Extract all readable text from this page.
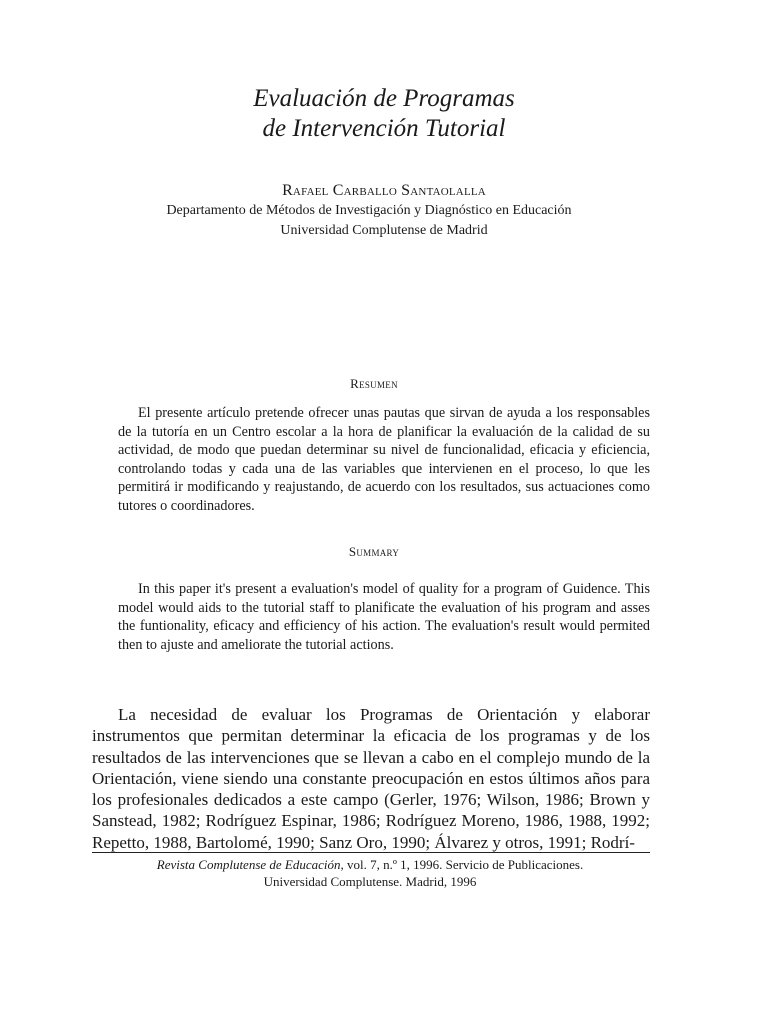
Evaluación de Programas
de Intervención Tutorial
Rafael Carballo Santaolalla
Departamento de Métodos de Investigación y Diagnóstico en Educación
Universidad Complutense de Madrid
Resumen

El presente artículo pretende ofrecer unas pautas que sirvan de ayuda a los responsables de la tutoría en un Centro escolar a la hora de planificar la evaluación de la calidad de su actividad, de modo que puedan determinar su nivel de funcionalidad, eficacia y eficiencia, controlando todas y cada una de las variables que intervienen en el proceso, lo que les permitirá ir modificando y reajustando, de acuerdo con los resultados, sus actuaciones como tutores o coordinadores.

Summary

In this paper it's present a evaluation's model of quality for a program of Guidence. This model would aids to the tutorial staff to planificate the evaluation of his program and asses the funtionality, eficacy and efficiency of his action. The evaluation's result would permited then to ajuste and ameliorate the tutorial actions.

La necesidad de evaluar los Programas de Orientación y elaborar instrumentos que permitan determinar la eficacia de los programas y de los resultados de las intervenciones que se llevan a cabo en el complejo mundo de la Orientación, viene siendo una constante preocupación en estos últimos años para los profesionales dedicados a este campo (Gerler, 1976; Wilson, 1986; Brown y Sanstead, 1982; Rodríguez Espinar, 1986; Rodríguez Moreno, 1986, 1988, 1992; Repetto, 1988, Bartolomé, 1990; Sanz Oro, 1990; Álvarez y otros, 1991; Rodrí-

Revista Complutense de Educación, vol. 7, n.º 1, 1996. Servicio de Publicaciones.
Universidad Complutense. Madrid, 1996
